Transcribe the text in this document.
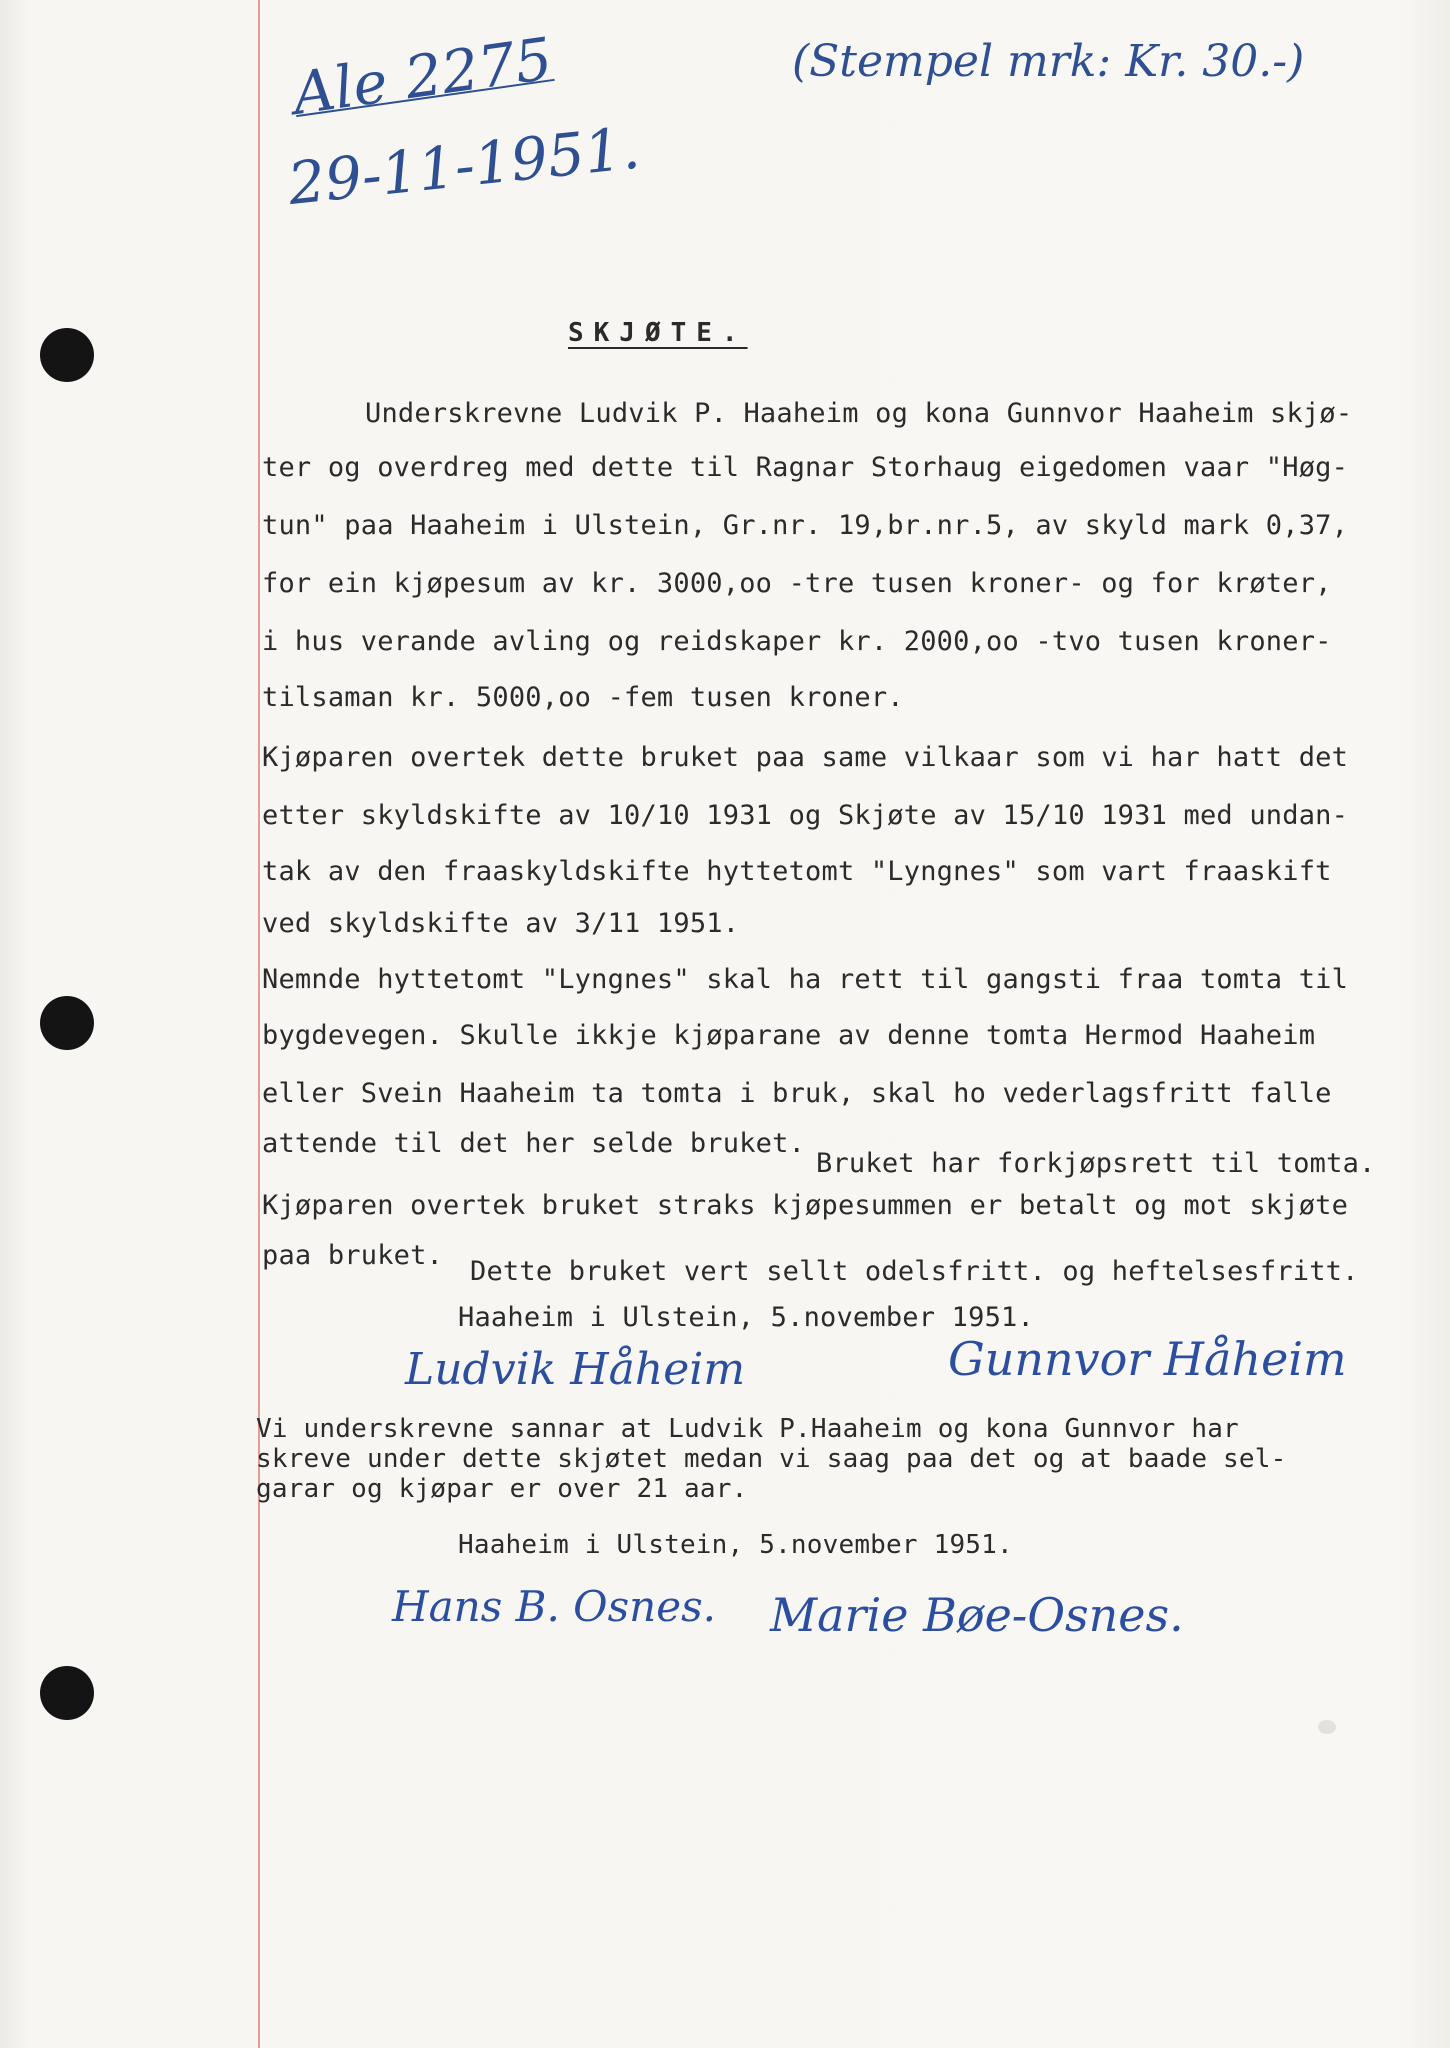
(Stempel mrk: Kr. 30.-)
Ale 2275
29-11-1951.
SKJØTE.
Underskrevne Ludvik P. Haaheim og kona Gunnvor Haaheim skjø-
ter og overdreg med dette til Ragnar Storhaug eigedomen vaar "Høg-
tun" paa Haaheim i Ulstein, Gr.nr. 19,br.nr.5, av skyld mark 0,37,
for ein kjøpesum av kr. 3000,oo -tre tusen kroner- og for krøter,
i hus verande avling og reidskaper kr. 2000,oo -tvo tusen kroner-
tilsaman kr. 5000,oo -fem tusen kroner.
Kjøparen overtek dette bruket paa same vilkaar som vi har hatt det
etter skyldskifte av 10/10 1931 og Skjøte av 15/10 1931 med undan-
tak av den fraaskyldskifte hyttetomt "Lyngnes" som vart fraaskift
ved skyldskifte av 3/11 1951.
Nemnde hyttetomt "Lyngnes" skal ha rett til gangsti fraa tomta til
bygdevegen. Skulle ikkje kjøparane av denne tomta Hermod Haaheim
eller Svein Haaheim ta tomta i bruk, skal ho vederlagsfritt falle
attende til det her selde bruket.
Bruket har forkjøpsrett til tomta.
Kjøparen overtek bruket straks kjøpesummen er betalt og mot skjøte
paa bruket.
Dette bruket vert sellt odelsfritt. og heftelsesfritt.
Haaheim i Ulstein, 5.november 1951.
Ludvik Håheim	Gunnvor Håheim
Vi underskrevne sannar at Ludvik P.Haaheim og kona Gunnvor har
skreve under dette skjøtet medan vi saag paa det og at baade sel-
garar og kjøpar er over 21 aar.
Haaheim i Ulstein, 5.november 1951.
Hans B. Osnes. Marie Bøe-Osnes.
